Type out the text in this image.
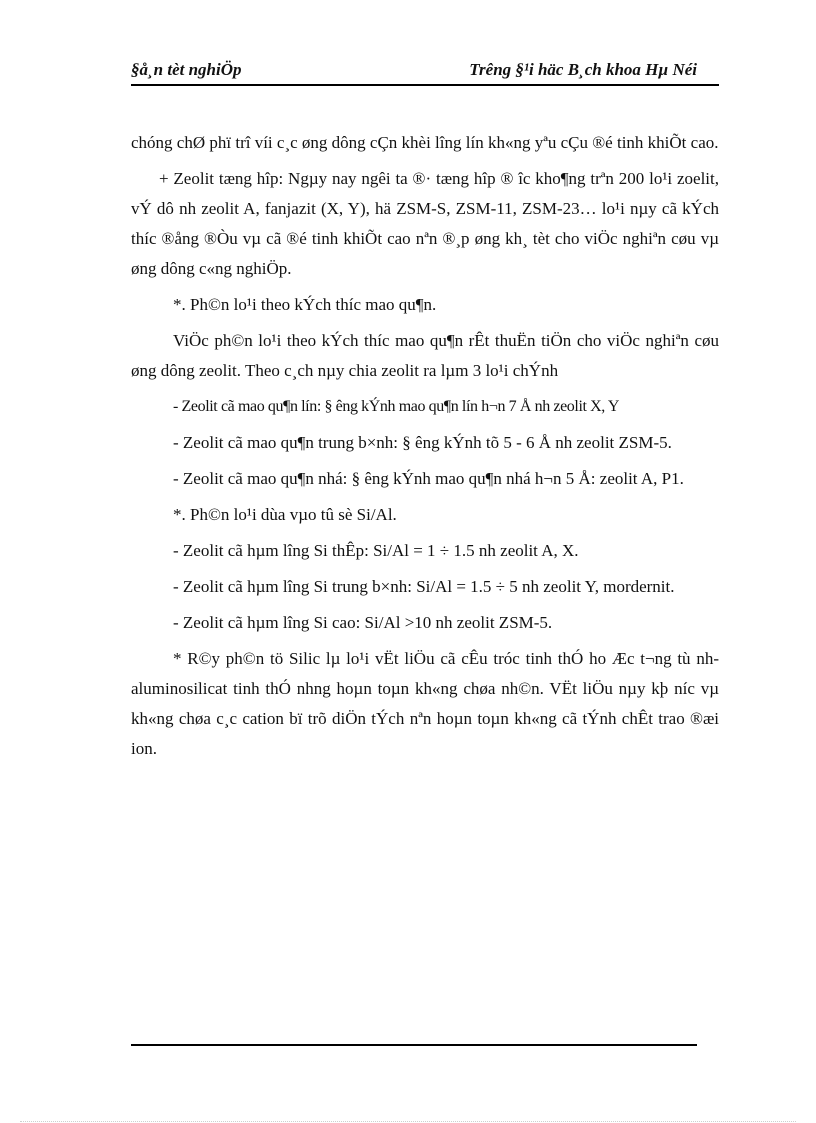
§å¸n tèt nghiÖp	Trêng §¹i häc B¸ch khoa Hµ Néi

chóng chØ phï trî víi c¸c øng dông cÇn khèi lîng lín kh«ng yªu cÇu ®é tinh khiÕt cao.

+ Zeolit tæng hîp: Ngµy nay ngêi ta ®· tæng hîp ® îc kho¶ng trªn 200 lo¹i zoelit, vÝ dô nh zeolit A, fanjazit (X, Y), hä ZSM-S, ZSM-11, ZSM-23… lo¹i nµy cã kÝch thíc ®ång ®Òu vµ cã ®é tinh khiÕt cao nªn ®¸p øng kh¸ tèt cho viÖc nghiªn cøu vµ øng dông c«ng nghiÖp.

*. Ph©n lo¹i theo kÝch thíc mao qu¶n.

ViÖc ph©n lo¹i theo kÝch thíc mao qu¶n rÊt thuËn tiÖn cho viÖc nghiªn cøu øng dông zeolit. Theo c¸ch nµy chia zeolit ra lµm 3 lo¹i chÝnh

- Zeolit cã mao qu¶n lín: § êng kÝnh mao qu¶n lín h¬n 7 Å nh zeolit X, Y

- Zeolit cã mao qu¶n trung b×nh: § êng kÝnh tõ 5 - 6 Å nh zeolit ZSM-5.

- Zeolit cã mao qu¶n nhá: § êng kÝnh mao qu¶n nhá h¬n 5 Å: zeolit A, P1.

*. Ph©n lo¹i dùa vµo tû sè Si/Al.

- Zeolit cã hµm lîng Si thÊp: Si/Al = 1 ÷ 1.5 nh zeolit A, X.

- Zeolit cã hµm lîng Si trung b×nh: Si/Al = 1.5 ÷ 5 nh zeolit Y, mordernit.

- Zeolit cã hµm lîng Si cao: Si/Al >10 nh zeolit ZSM-5.

* R©y ph©n tö Silic lµ lo¹i vËt liÖu cã cÊu tróc tinh thÓ ho Æc t¬ng tù nh aluminosilicat tinh thÓ nhng hoµn toµn kh«ng chøa nh©n. VËt liÖu nµy kþ níc vµ kh«ng chøa c¸c cation bï trõ diÖn tÝch nªn hoµn toµn kh«ng cã tÝnh chÊt trao ®æi ion.
